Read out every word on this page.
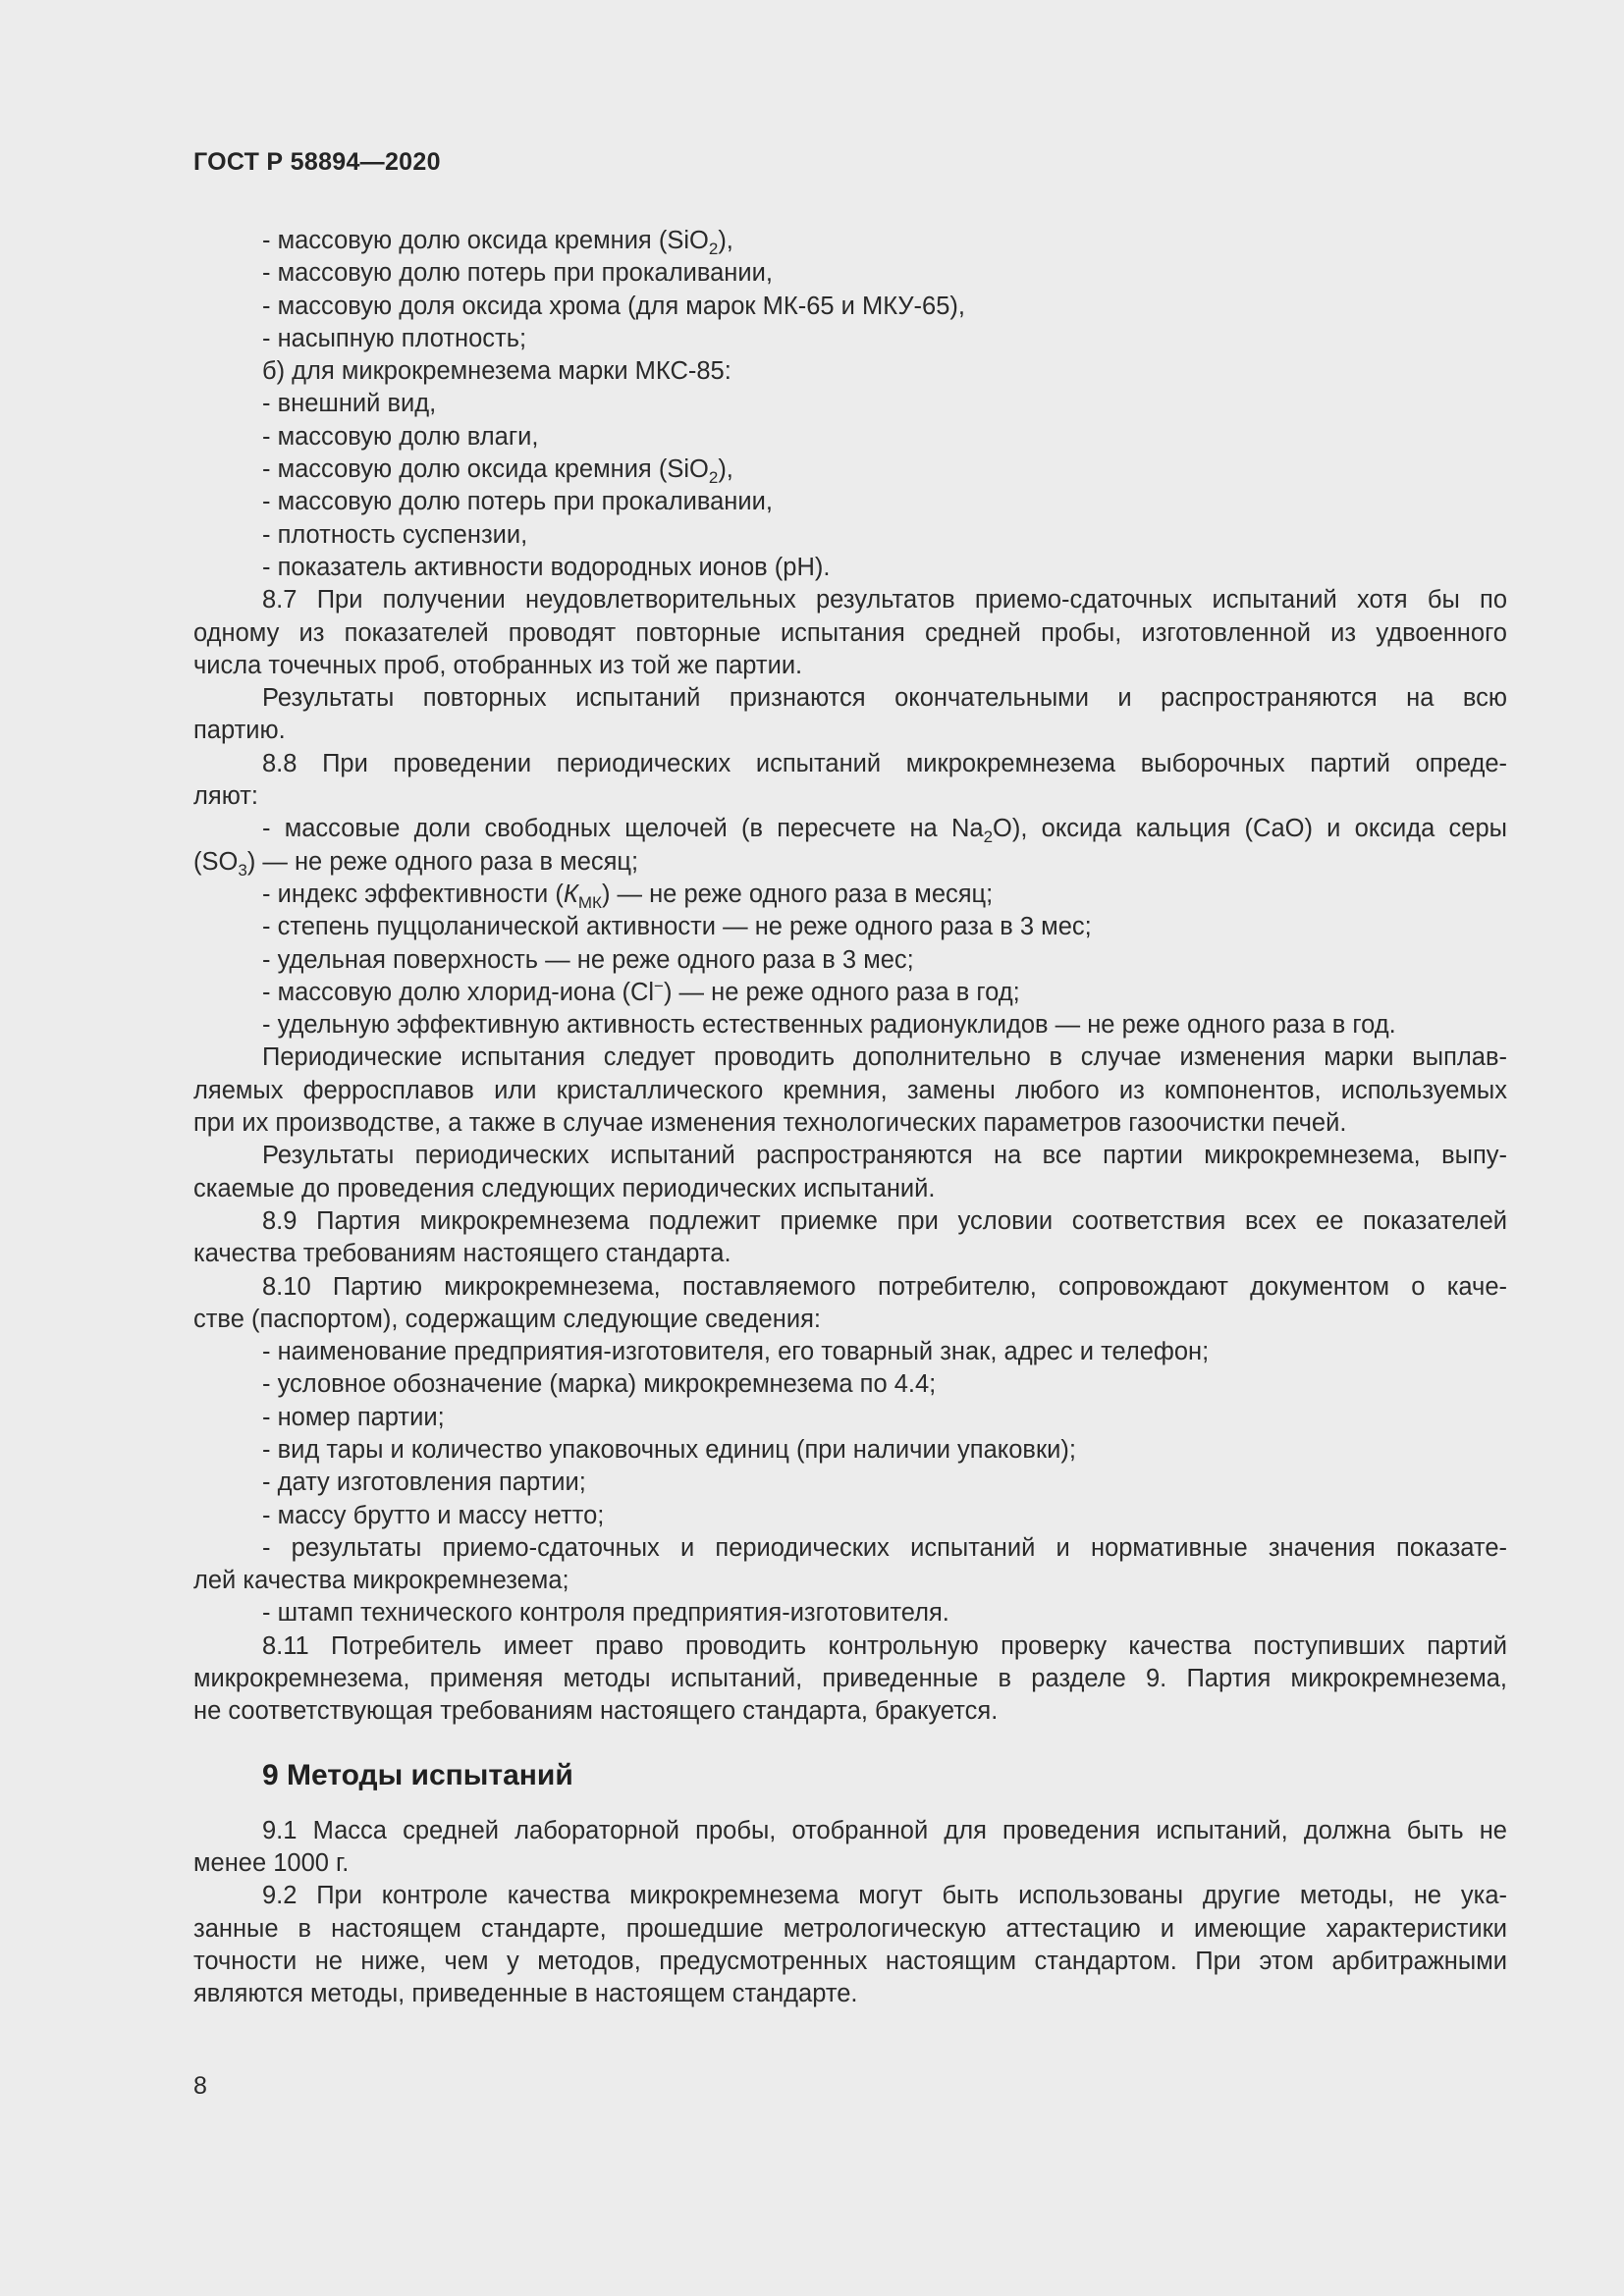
ГОСТ Р 58894—2020
- массовую долю оксида кремния (SiO$_2$),
- массовую долю потерь при прокаливании,
- массовую доля оксида хрома (для марок МК-65 и МКУ-65),
- насыпную плотность;
б) для микрокремнезема марки МКС-85:
- внешний вид,
- массовую долю влаги,
- массовую долю оксида кремния (SiO$_2$),
- массовую долю потерь при прокаливании,
- плотность суспензии,
- показатель активности водородных ионов (рН).
8.7 При получении неудовлетворительных результатов приемо-сдаточных испытаний хотя бы по
одному из показателей проводят повторные испытания средней пробы, изготовленной из удвоенного
числа точечных проб, отобранных из той же партии.
Результаты повторных испытаний признаются окончательными и распространяются на всю
партию.
8.8 При проведении периодических испытаний микрокремнезема выборочных партий опреде-
ляют:
- массовые доли свободных щелочей (в пересчете на $Na_2O$), оксида кальция (CaO) и оксида серы
$(SO_3)$ — не реже одного раза в месяц;
- индекс эффективности $(К_{МК})$ — не реже одного раза в месяц;
- степень пуццоланической активности — не реже одного раза в 3 мес;
- удельная поверхность — не реже одного раза в 3 мес;
- массовую долю хлорид-иона (Cl−) — не реже одного раза в год;
- удельную эффективную активность естественных радионуклидов — не реже одного раза в год.
Периодические испытания следует проводить дополнительно в случае изменения марки выплав-
ляемых ферросплавов или кристаллического кремния, замены любого из компонентов, используемых
при их производстве, а также в случае изменения технологических параметров газоочистки печей.
Результаты периодических испытаний распространяются на все партии микрокремнезема, выпу-
скаемые до проведения следующих периодических испытаний.
8.9 Партия микрокремнезема подлежит приемке при условии соответствия всех ее показателей
качества требованиям настоящего стандарта.
8.10 Партию микрокремнезема, поставляемого потребителю, сопровождают документом о каче-
стве (паспортом), содержащим следующие сведения:
- наименование предприятия-изготовителя, его товарный знак, адрес и телефон;
- условное обозначение (марка) микрокремнезема по 4.4;
- номер партии;
- вид тары и количество упаковочных единиц (при наличии упаковки);
- дату изготовления партии;
- массу брутто и массу нетто;
- результаты приемо-сдаточных и периодических испытаний и нормативные значения показате-
лей качества микрокремнезема;
- штамп технического контроля предприятия-изготовителя.
8.11 Потребитель имеет право проводить контрольную проверку качества поступивших партий
микрокремнезема, применяя методы испытаний, приведенные в разделе 9. Партия микрокремнезема,
не соответствующая требованиям настоящего стандарта, бракуется.
9 Методы испытаний
9.1 Масса средней лабораторной пробы, отобранной для проведения испытаний, должна быть не
менее 1000 г.
9.2 При контроле качества микрокремнезема могут быть использованы другие методы, не ука-
занные в настоящем стандарте, прошедшие метрологическую аттестацию и имеющие характеристики
точности не ниже, чем у методов, предусмотренных настоящим стандартом. При этом арбитражными
являются методы, приведенные в настоящем стандарте.
8
